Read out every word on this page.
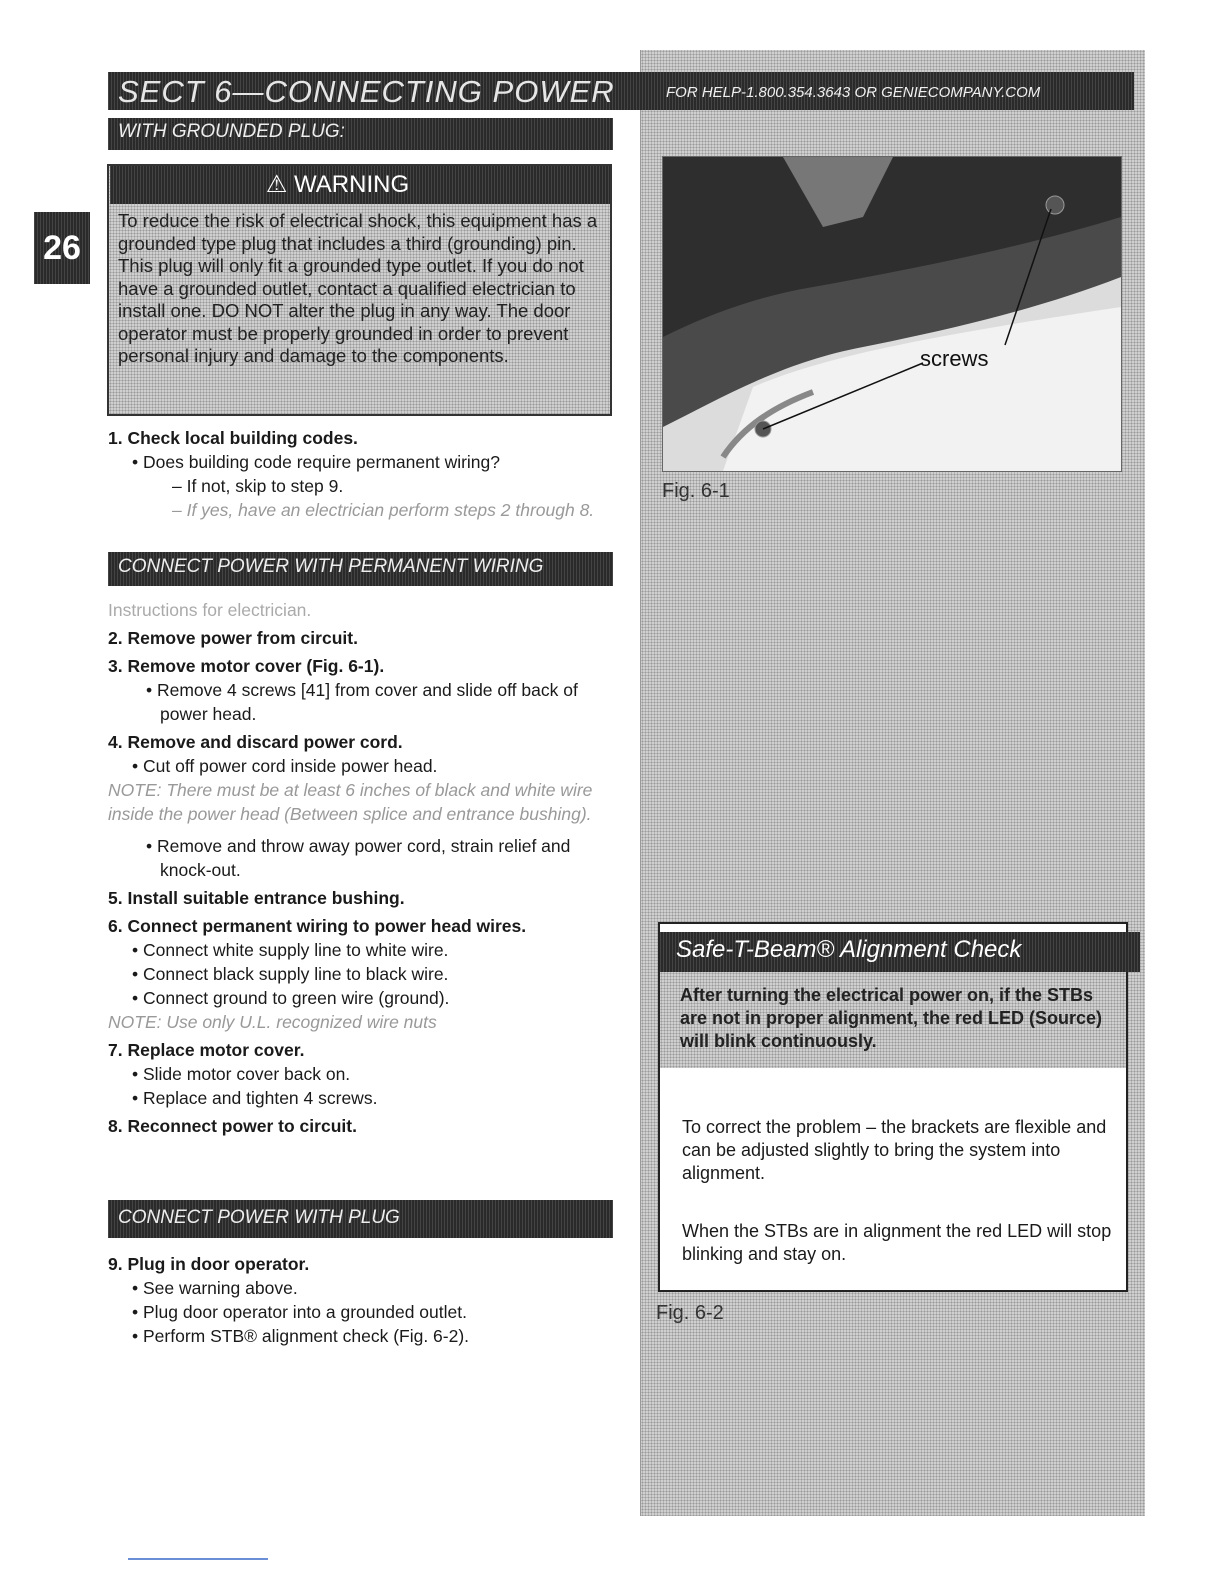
SECT 6—CONNECTING POWER	FOR HELP-1.800.354.3643 OR GENIECOMPANY.COM
26
WITH GROUNDED PLUG:
⚠ WARNING
To reduce the risk of electrical shock, this equipment has a grounded type plug that includes a third (grounding) pin. This plug will only fit a grounded type outlet. If you do not have a grounded outlet, contact a qualified electrician to install one. DO NOT alter the plug in any way. The door operator must be properly grounded in order to prevent personal injury and damage to the components.
1. Check local building codes.
• Does building code require permanent wiring?
– If not, skip to step 9.
– If yes, have an electrician perform steps 2 through 8.
CONNECT POWER WITH PERMANENT WIRING
Instructions for electrician.
2. Remove power from circuit.
3. Remove motor cover (Fig. 6-1).
• Remove 4 screws [41] from cover and slide off back of power head.
4. Remove and discard power cord.
• Cut off power cord inside power head.
NOTE: There must be at least 6 inches of black and white wire inside the power head (Between splice and entrance bushing).
• Remove and throw away power cord, strain relief and knock-out.
5. Install suitable entrance bushing.
6. Connect permanent wiring to power head wires.
• Connect white supply line to white wire.
• Connect black supply line to black wire.
• Connect ground to green wire (ground).
NOTE: Use only U.L. recognized wire nuts
7. Replace motor cover.
• Slide motor cover back on.
• Replace and tighten 4 screws.
8. Reconnect power to circuit.
CONNECT POWER WITH PLUG
9. Plug in door operator.
• See warning above.
• Plug door operator into a grounded outlet.
• Perform STB® alignment check (Fig. 6-2).
screws
Fig. 6-1
Safe-T-Beam® Alignment Check
After turning the electrical power on, if the STBs are not in proper alignment, the red LED (Source) will blink continuously.
To correct the problem – the brackets are flexible and can be adjusted slightly to bring the system into alignment.
When the STBs are in alignment the red LED will stop blinking and stay on.
Fig. 6-2
